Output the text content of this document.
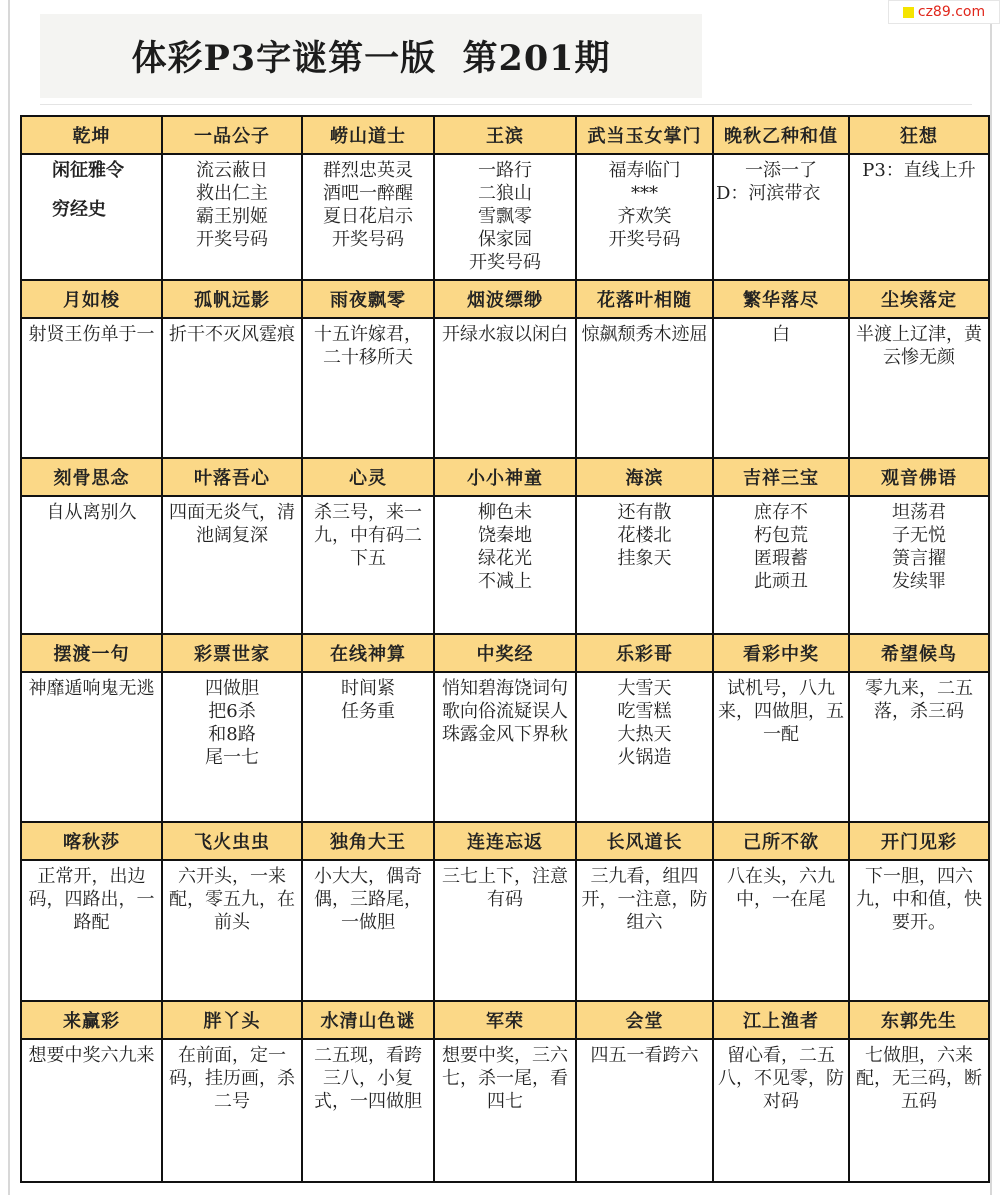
cz89.com
体彩P3字谜第一版  第201期
乾坤	一品公子	崂山道士	王滨	武当玉女掌门	晚秋乙种和值	狂想

闲征雅令
穷经史	流云蔽日
救出仁主
霸王别姬
开奖号码	群烈忠英灵
酒吧一醉醒
夏日花启示
开奖号码	一路行
二狼山
雪飘零
保家园
开奖号码	福寿临门
***
齐欢笑
开奖号码	一添一了
D：河滨带衣	P3：直线上升

月如梭	孤帆远影	雨夜飘零	烟波缥缈	花落叶相随	繁华落尽	尘埃落定

射贤王伤单于一	折干不灭风霆痕	十五许嫁君，二十移所天	开绿水寂以闲白	惊飙颓秀木迹屈	白	半渡上辽津，黄云惨无颜

刻骨思念	叶落吾心	心灵	小小神童	海滨	吉祥三宝	观音佛语

自从离别久	四面无炎气，清池阔复深	杀三号，来一九，中有码二下五	柳色未
饶秦地
绿花光
不减上	还有散
花楼北
挂象天	庶存不
朽包荒
匿瑕蓄
此顽丑	坦荡君
子无悦
箦言擢
发续罪

摆渡一句	彩票世家	在线神算	中奖经	乐彩哥	看彩中奖	希望候鸟

神靡遁响鬼无逃	四做胆
把6杀
和8路
尾一七	时间紧
任务重	悄知碧海饶词句
歌向俗流疑误人
珠露金风下界秋	大雪天
吃雪糕
大热天
火锅造	试机号，八九来，四做胆，五一配	零九来，二五落，杀三码

喀秋莎	飞火虫虫	独角大王	连连忘返	长风道长	己所不欲	开门见彩

正常开，出边码，四路出，一路配	六开头，一来配，零五九，在前头	小大大，偶奇偶，三路尾，一做胆	三七上下，注意有码	三九看，组四开，一注意，防组六	八在头，六九中，一在尾	下一胆，四六九，中和值，快要开。

来赢彩	胖丫头	水清山色谜	军荣	会堂	江上渔者	东郭先生

想要中奖六九来	在前面，定一码，挂历画，杀二号	二五现，看跨三八，小复式，一四做胆	想要中奖，三六七，杀一尾，看四七	四五一看跨六	留心看，二五八，不见零，防对码	七做胆，六来配，无三码，断五码
